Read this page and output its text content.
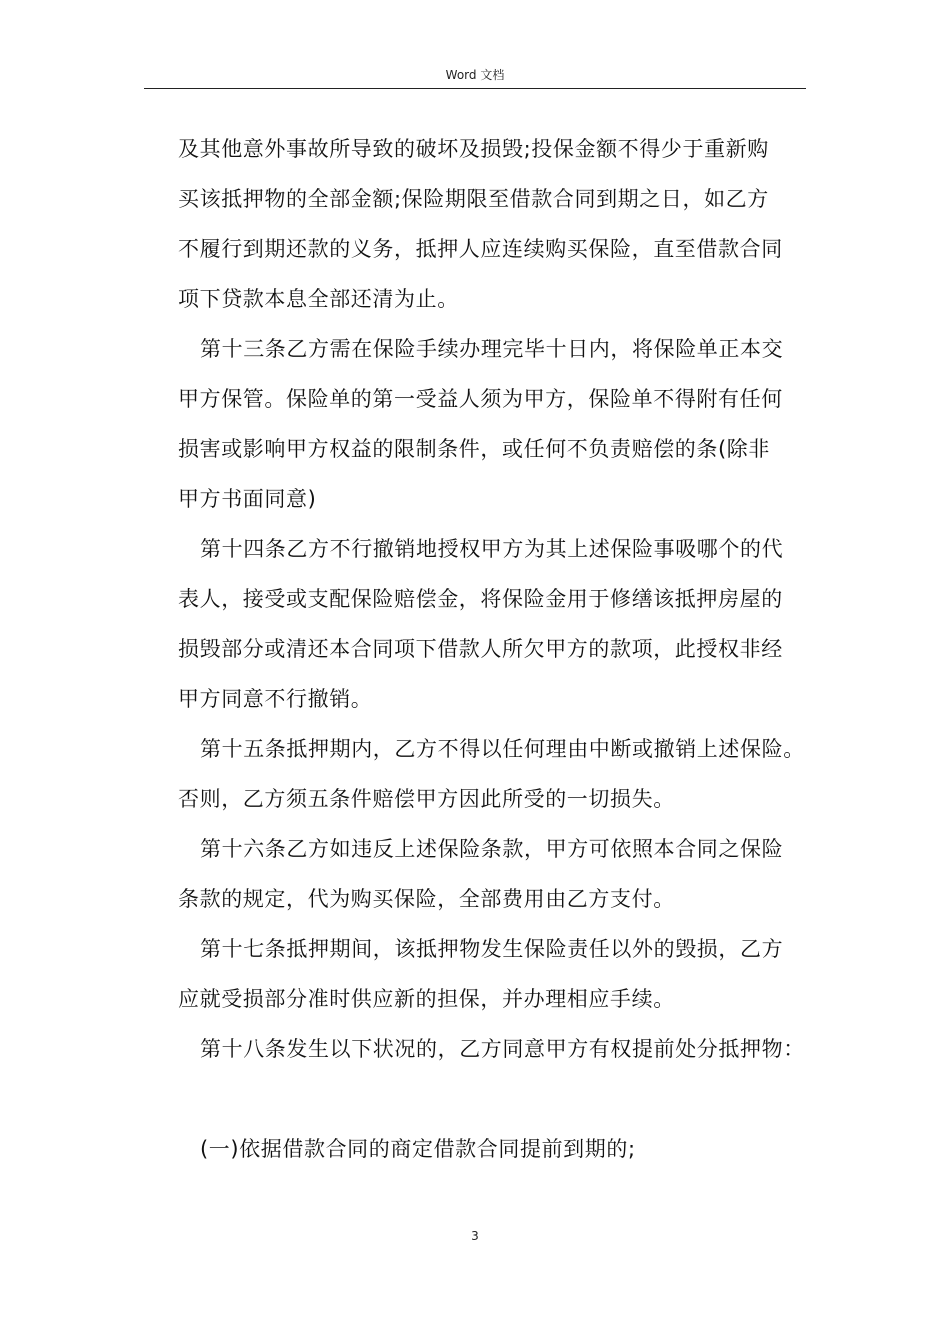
Word 文档
及其他意外事故所导致的破坏及损毁;投保金额不得少于重新购
买该抵押物的全部金额;保险期限至借款合同到期之日，如乙方
不履行到期还款的义务，抵押人应连续购买保险，直至借款合同
项下贷款本息全部还清为止。
第十三条乙方需在保险手续办理完毕十日内，将保险单正本交
甲方保管。保险单的第一受益人须为甲方，保险单不得附有任何
损害或影响甲方权益的限制条件，或任何不负责赔偿的条(除非
甲方书面同意)
第十四条乙方不行撤销地授权甲方为其上述保险事吸哪个的代
表人，接受或支配保险赔偿金，将保险金用于修缮该抵押房屋的
损毁部分或清还本合同项下借款人所欠甲方的款项，此授权非经
甲方同意不行撤销。
第十五条抵押期内，乙方不得以任何理由中断或撤销上述保险。
否则，乙方须五条件赔偿甲方因此所受的一切损失。
第十六条乙方如违反上述保险条款，甲方可依照本合同之保险
条款的规定，代为购买保险，全部费用由乙方支付。
第十七条抵押期间，该抵押物发生保险责任以外的毁损，乙方
应就受损部分准时供应新的担保，并办理相应手续。
第十八条发生以下状况的，乙方同意甲方有权提前处分抵押物：
(一)依据借款合同的商定借款合同提前到期的;
3
